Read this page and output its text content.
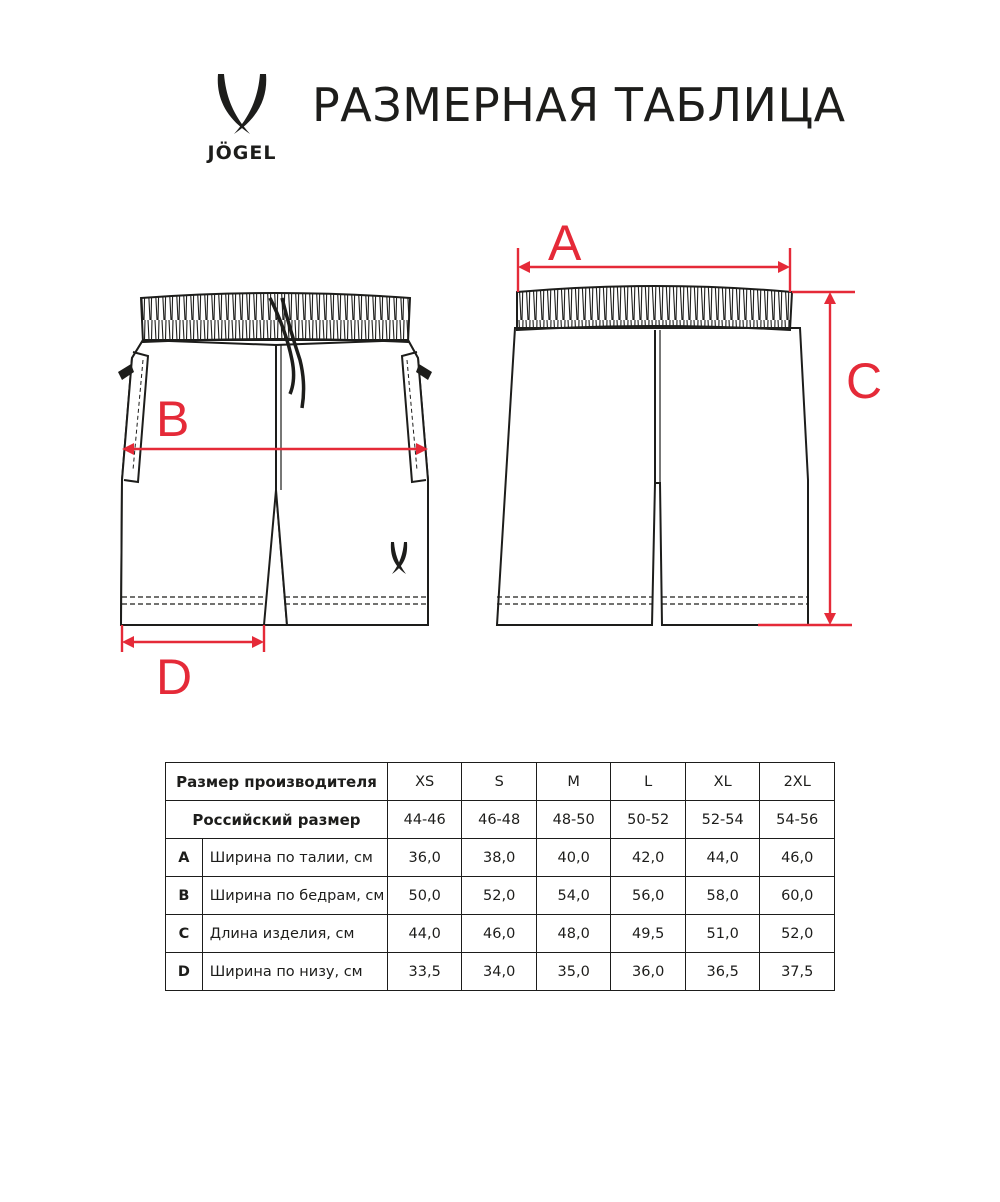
JÖGEL
РАЗМЕРНАЯ ТАБЛИЦА
A
B
C
D
Размер производителя		XS	S	M	L	XL	2XL
Российский размер		44-46	46-48	48-50	50-52	52-54	54-56
A	Ширина по талии, см	36,0	38,0	40,0	42,0	44,0	46,0
B	Ширина по бедрам, см	50,0	52,0	54,0	56,0	58,0	60,0
C	Длина изделия, см	44,0	46,0	48,0	49,5	51,0	52,0
D	Ширина по низу, см	33,5	34,0	35,0	36,0	36,5	37,5
